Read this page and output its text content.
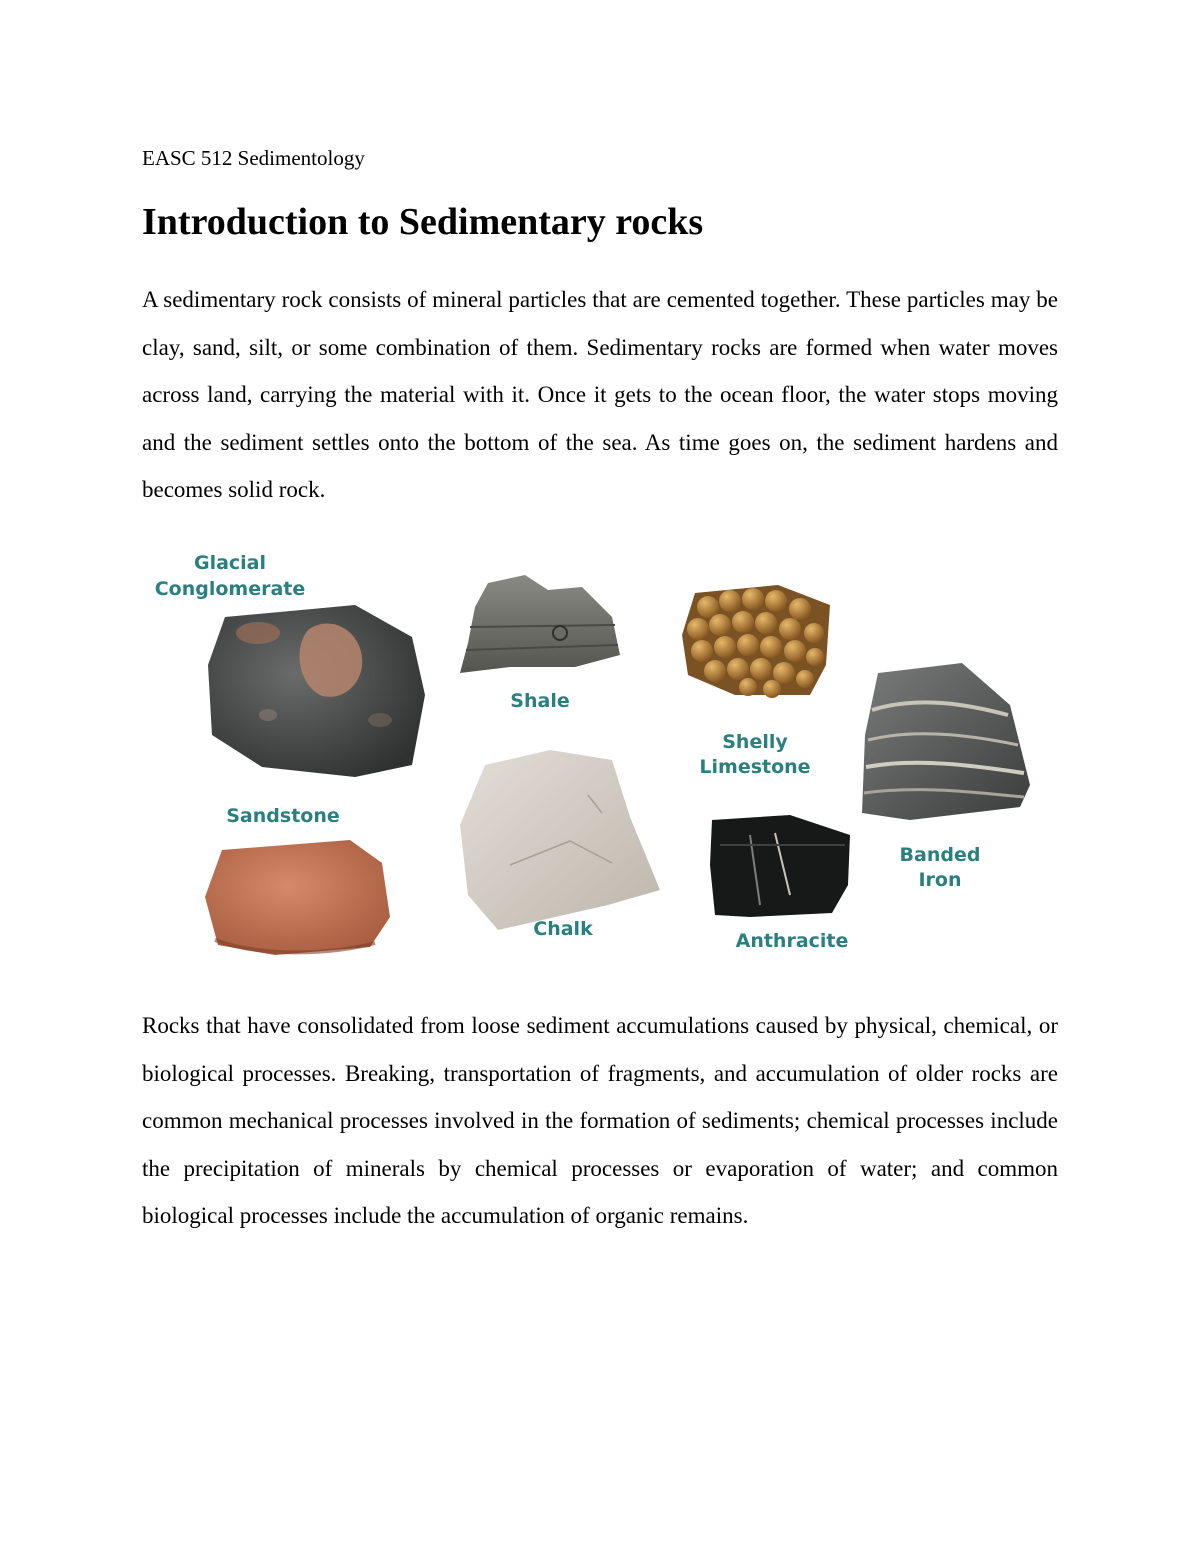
EASC 512 Sedimentology
Introduction to Sedimentary rocks

A sedimentary rock consists of mineral particles that are cemented together. These particles may be clay, sand, silt, or some combination of them. Sedimentary rocks are formed when water moves across land, carrying the material with it. Once it gets to the ocean floor, the water stops moving and the sediment settles onto the bottom of the sea. As time goes on, the sediment hardens and becomes solid rock.

Glacial
Conglomerate
Shale
Shelly
Limestone
Banded
Iron
Sandstone
Chalk
Anthracite

Rocks that have consolidated from loose sediment accumulations caused by physical, chemical, or biological processes. Breaking, transportation of fragments, and accumulation of older rocks are common mechanical processes involved in the formation of sediments; chemical processes include the precipitation of minerals by chemical processes or evaporation of water; and common biological processes include the accumulation of organic remains.
